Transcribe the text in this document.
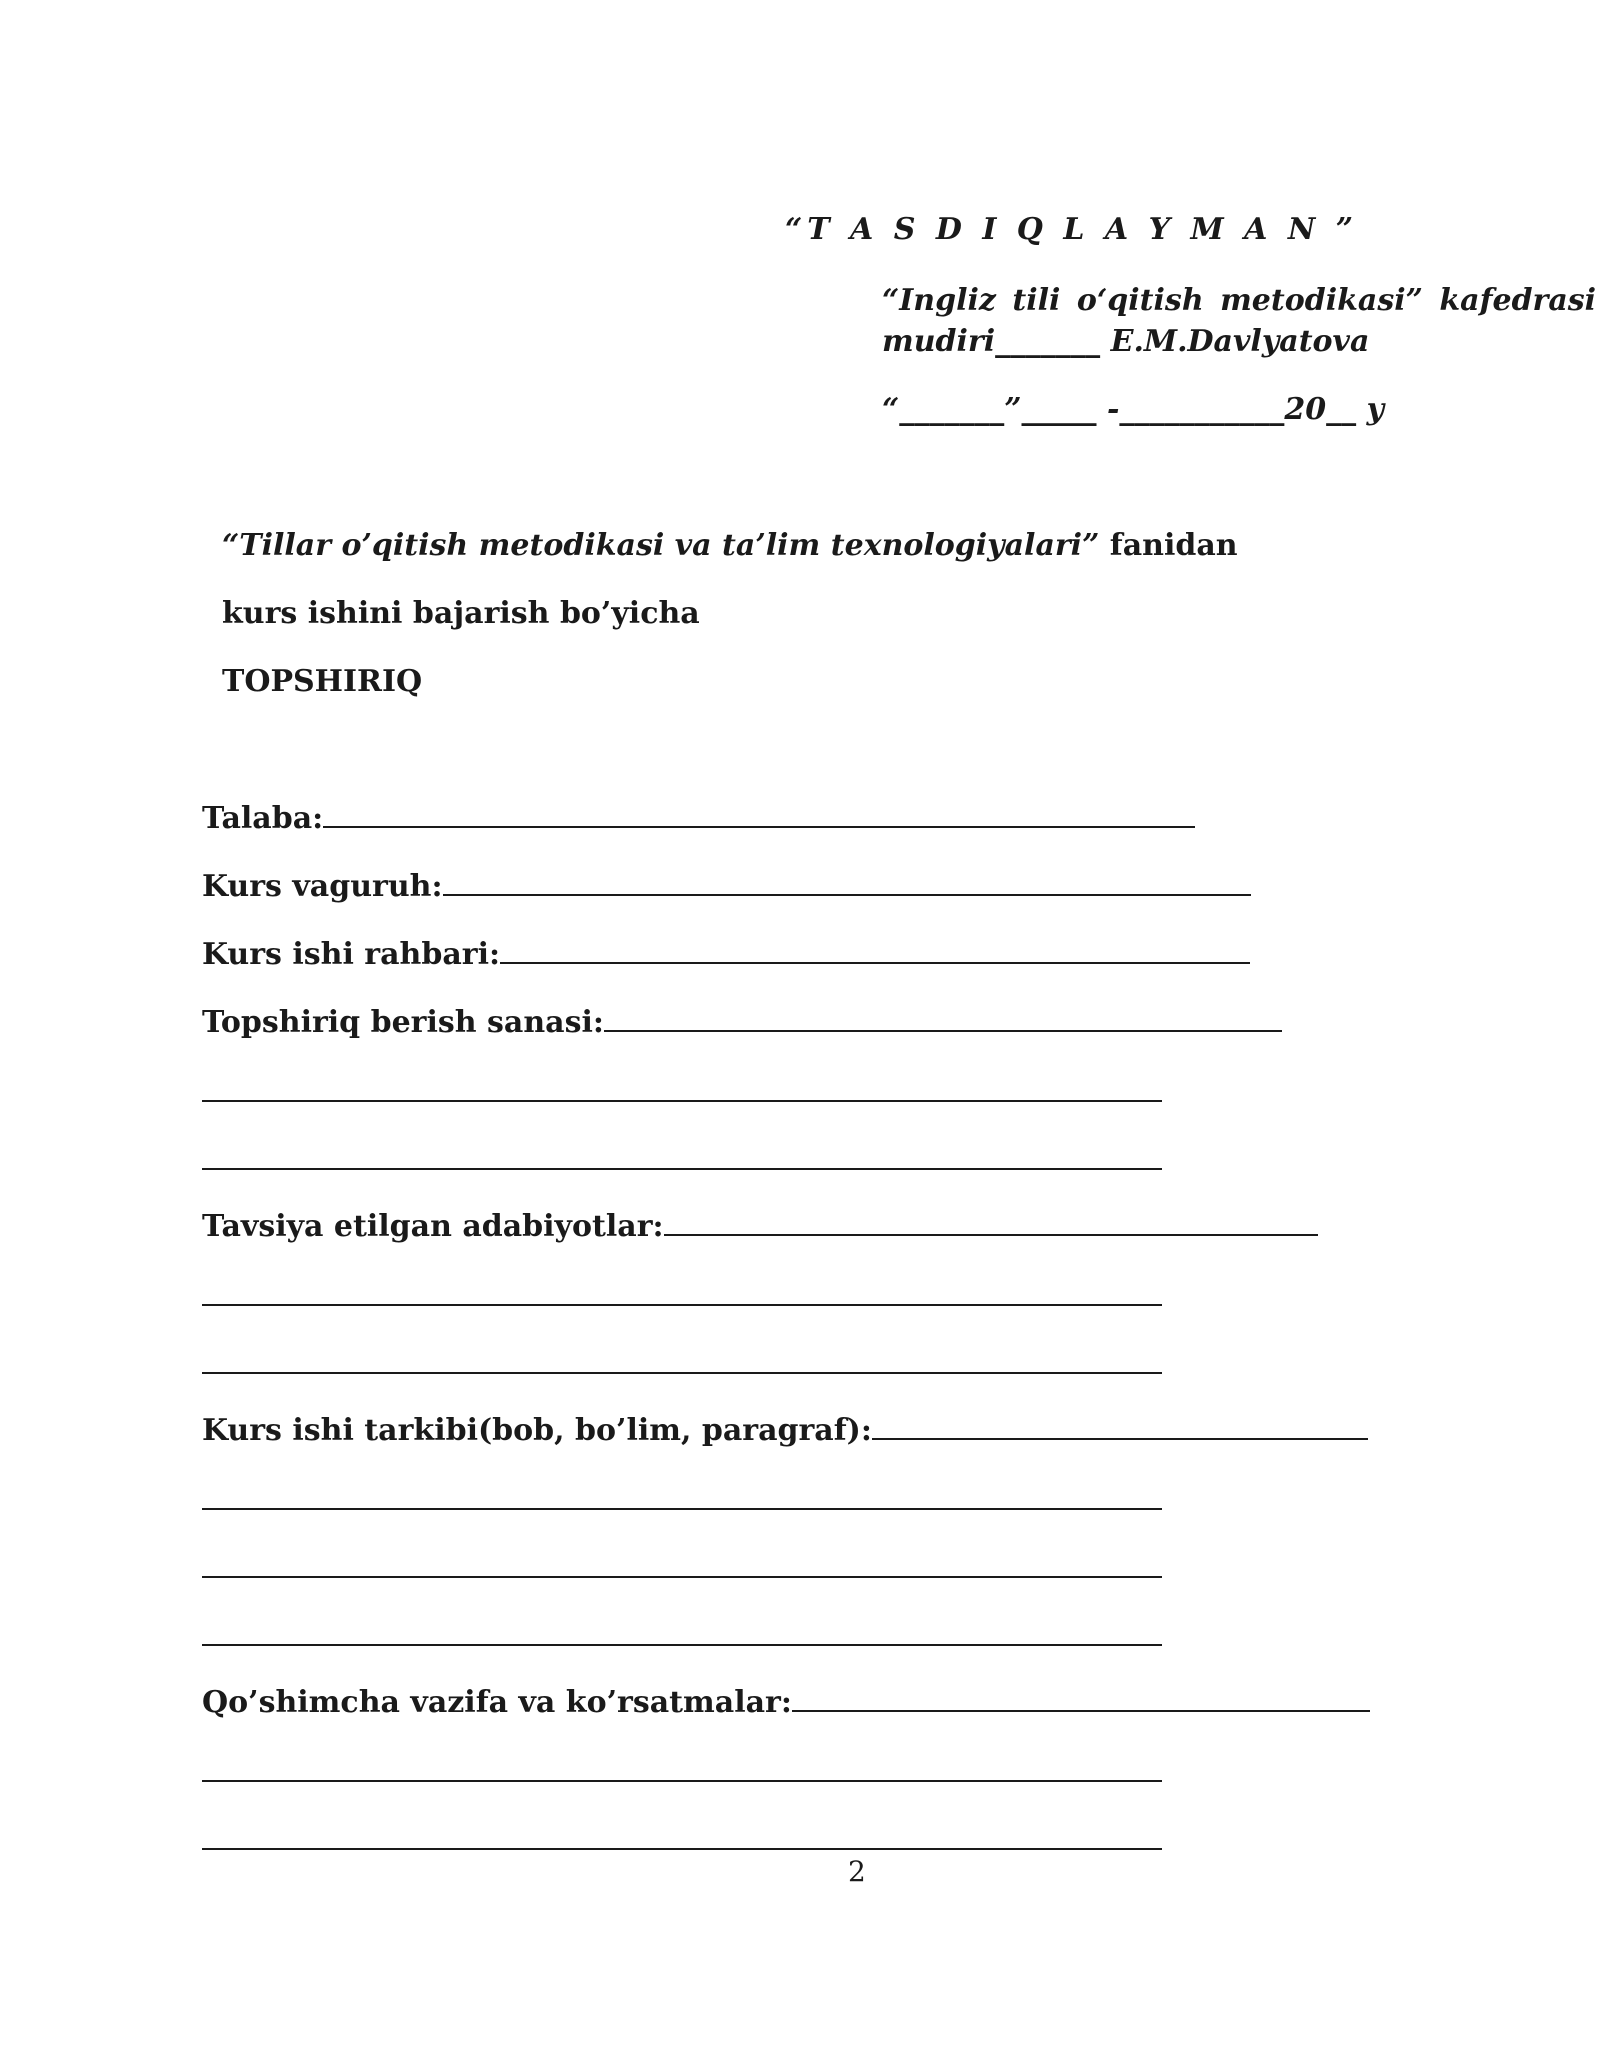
“T A S D I Q L A Y M A N ”
“Ingliz tili o‘qitish metodikasi” kafedrasi
mudiri_______ E.M.Davlyatova
“_______”_____ -___________20__ y
“Tillar o’qitish metodikasi va ta’lim texnologiyalari” fanidan
kurs ishini bajarish bo’yicha
TOPSHIRIQ
Talaba:
Kurs vaguruh:
Kurs ishi rahbari:
Topshiriq berish sanasi:
Tavsiya etilgan adabiyotlar:
Kurs ishi tarkibi(bob, bo’lim, paragraf):
Qo’shimcha vazifa va ko’rsatmalar:
2
